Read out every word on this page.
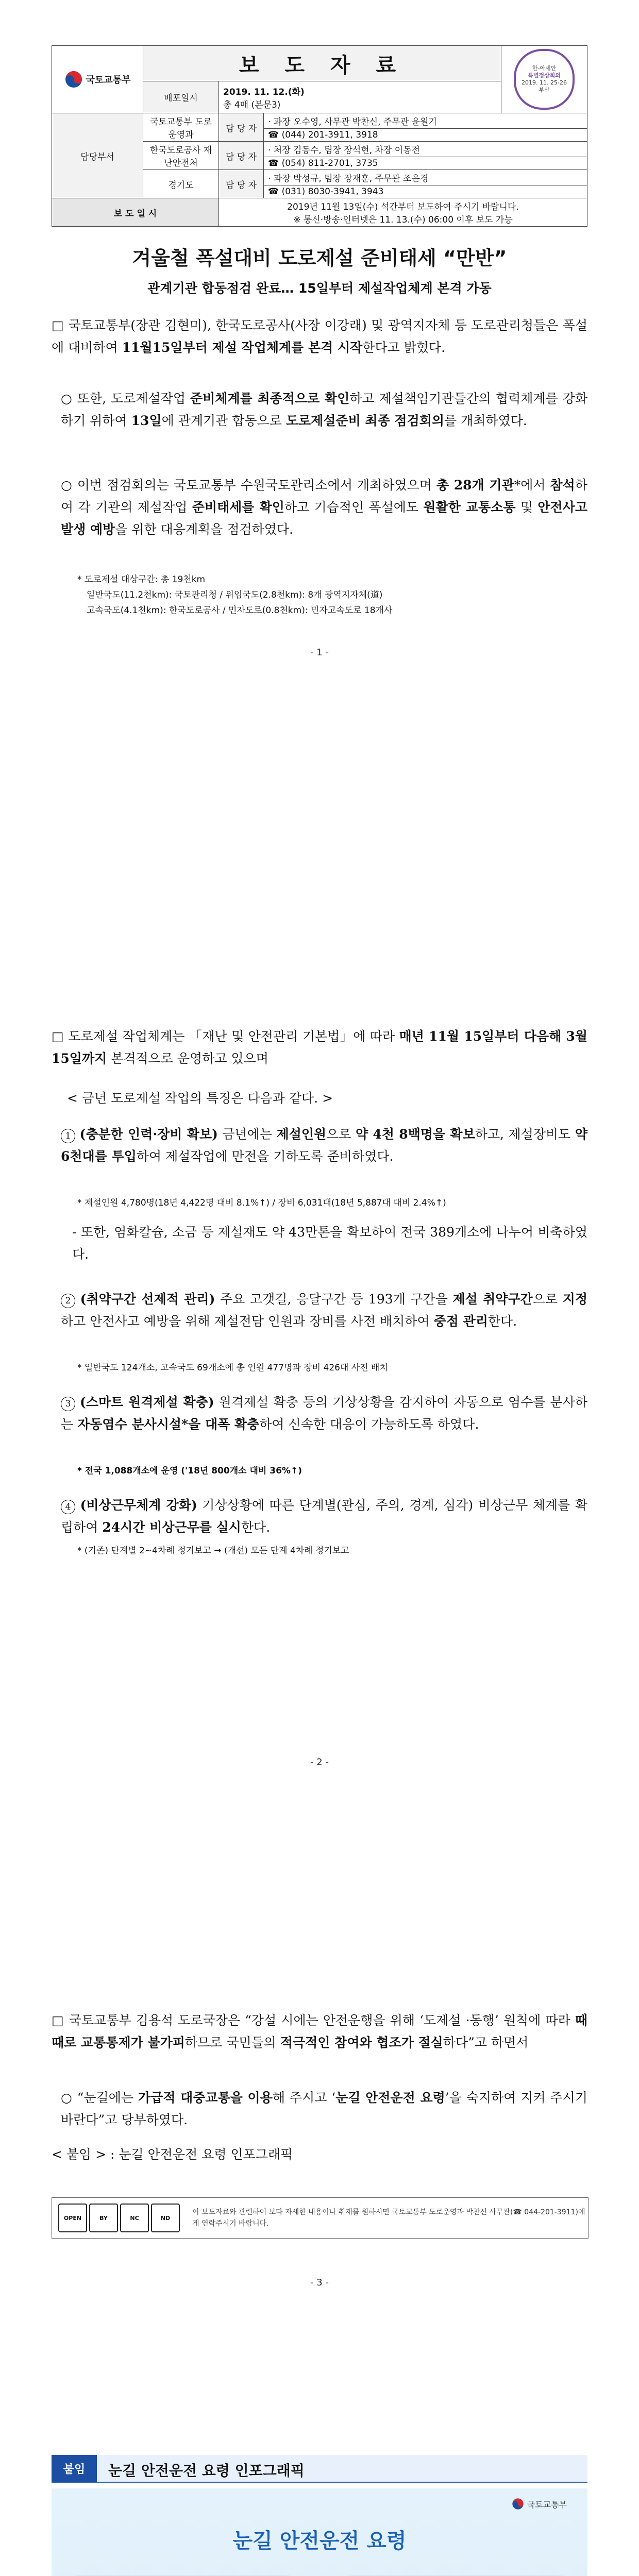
국토교통부	보 도 자 료			한-아세안
특별정상회의
2019. 11. 25-26
부산

	배포일시	2019. 11. 12.(화)
총 4매 (본문3)		

담당부서	국토교통부 도로운영과	담 당 자	· 과장 오수영, 사무관 박찬신, 주무관 윤원기	
			☎ (044) 201-3911, 3918	
	한국도로공사 재난안전처	담 당 자	· 처장 김동수, 팀장 장석현, 차장 이동전	
			☎ (054) 811-2701, 3735	
	경기도	담 당 자	· 과장 박성규, 팀장 장재훈, 주무관 조은경	
			☎ (031) 8030-3941, 3943	
보 도 일 시		2019년 11월 13일(수) 석간부터 보도하여 주시기 바랍니다.
※ 통신·방송·인터넷은 11. 13.(수) 06:00 이후 보도 가능		
겨울철 폭설대비 도로제설 준비태세 “만반”
관계기관 합동점검 완료… 15일부터 제설작업체계 본격 가동
□ 국토교통부(장관 김현미), 한국도로공사(사장 이강래) 및 광역지자체 등 도로관리청들은 폭설에 대비하여 11월15일부터 제설 작업체계를 본격 시작한다고 밝혔다.
○ 또한, 도로제설작업 준비체계를 최종적으로 확인하고 제설책임기관들간의 협력체계를 강화하기 위하여 13일에 관계기관 합동으로 도로제설준비 최종 점검회의를 개최하였다.
○ 이번 점검회의는 국토교통부 수원국토관리소에서 개최하였으며 총 28개 기관*에서 참석하여 각 기관의 제설작업 준비태세를 확인하고 기습적인 폭설에도 원활한 교통소통 및 안전사고 발생 예방을 위한 대응계획을 점검하였다.
* 도로제설 대상구간: 총 19천km
일반국도(11.2천km): 국토관리청 / 위임국도(2.8천km): 8개 광역지자체(道)
고속국도(4.1천km): 한국도로공사 / 민자도로(0.8천km): 민자고속도로 18개사
- 1 -
□ 도로제설 작업체계는 「재난 및 안전관리 기본법」에 따라 매년 11월 15일부터 다음해 3월 15일까지 본격적으로 운영하고 있으며
< 금년 도로제설 작업의 특징은 다음과 같다. >
1 (충분한 인력·장비 확보) 금년에는 제설인원으로 약 4천 8백명을 확보하고, 제설장비도 약 6천대를 투입하여 제설작업에 만전을 기하도록 준비하였다.
* 제설인원 4,780명(18년 4,422명 대비 8.1%↑) / 장비 6,031대(18년 5,887대 대비 2.4%↑)
- 또한, 염화칼슘, 소금 등 제설재도 약 43만톤을 확보하여 전국 389개소에 나누어 비축하였다.
2 (취약구간 선제적 관리) 주요 고갯길, 응달구간 등 193개 구간을 제설 취약구간으로 지정하고 안전사고 예방을 위해 제설전담 인원과 장비를 사전 배치하여 중점 관리한다.
* 일반국도 124개소, 고속국도 69개소에 총 인원 477명과 장비 426대 사전 배치
3 (스마트 원격제설 확충) 원격제설 확충 등의 기상상황을 감지하여 자동으로 염수를 분사하는 자동염수 분사시설*을 대폭 확충하여 신속한 대응이 가능하도록 하였다.
* 전국 1,088개소에 운영 ('18년 800개소 대비 36%↑)
4 (비상근무체계 강화) 기상상황에 따른 단계별(관심, 주의, 경계, 심각) 비상근무 체계를 확립하여 24시간 비상근무를 실시한다.
* (기존) 단계별 2~4차례 정기보고 → (개선) 모든 단계 4차례 정기보고
- 2 -
□ 국토교통부 김용석 도로국장은 “강설 시에는 안전운행을 위해 ‘도제설 ·동행’ 원칙에 따라 때때로 교통통제가 불가피하므로 국민들의 적극적인 참여와 협조가 절실하다”고 하면서
○ “눈길에는 가급적 대중교통을 이용해 주시고 ‘눈길 안전운전 요령’을 숙지하여 지켜 주시기 바란다”고 당부하였다.
< 붙임 > : 눈길 안전운전 요령 인포그래픽
OPEN	BY	NC	ND
이 보도자료와 관련하여 보다 자세한 내용이나 취재를 원하시면 국토교통부 도로운영과 박찬신 사무관(☎ 044-201-3911)에게 연락주시기 바랍니다.
- 3 -
붙임	눈길 안전운전 요령 인포그래픽
국토교통부
눈길 안전운전 요령
